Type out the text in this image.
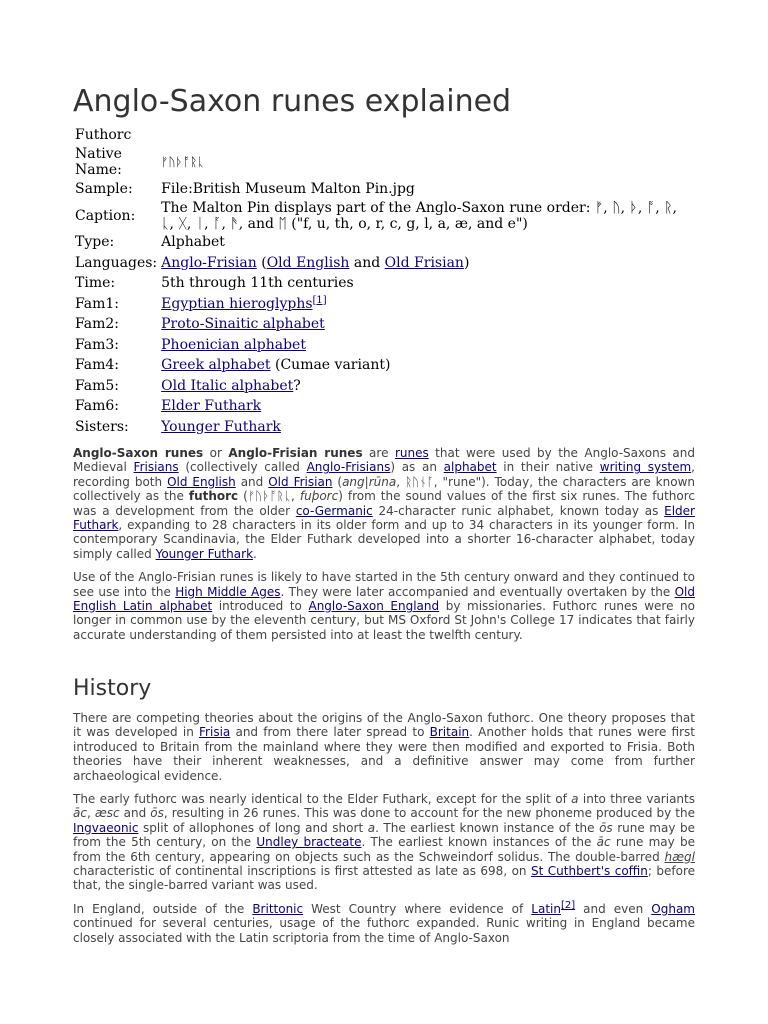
Anglo-Saxon runes explained
Futhorc	
Native Name:	ᚠᚢᚦᚩᚱᚳ
Sample:	File:British Museum Malton Pin.jpg
Caption:	The Malton Pin displays part of the Anglo-Saxon rune order: ᚠ, ᚢ, ᚦ, ᚩ, ᚱ, ᚳ, ᚷ, ᛁ, ᚪ, ᚫ, and ᛖ ("f, u, th, o, r, c, g, l, a, æ, and e")
Type:	Alphabet
Languages:	Anglo-Frisian (Old English and Old Frisian)
Time:	5th through 11th centuries
Fam1:	Egyptian hieroglyphs[1]
Fam2:	Proto-Sinaitic alphabet
Fam3:	Phoenician alphabet
Fam4:	Greek alphabet (Cumae variant)
Fam5:	Old Italic alphabet?
Fam6:	Elder Futhark
Sisters:	Younger Futhark

Anglo-Saxon runes or Anglo-Frisian runes are runes that were used by the Anglo-Saxons and Medieval Frisians (collectively called Anglo-Frisians) as an alphabet in their native writing system, recording both Old English and Old Frisian (ang|rūna, ᚱᚢᚾᚪ, "rune"). Today, the characters are known collectively as the futhorc (ᚠᚢᚦᚩᚱᚳ, fuþorc) from the sound values of the first six runes. The futhorc was a development from the older co-Germanic 24-character runic alphabet, known today as Elder Futhark, expanding to 28 characters in its older form and up to 34 characters in its younger form. In contemporary Scandinavia, the Elder Futhark developed into a shorter 16-character alphabet, today simply called Younger Futhark.

Use of the Anglo-Frisian runes is likely to have started in the 5th century onward and they continued to see use into the High Middle Ages. They were later accompanied and eventually overtaken by the Old English Latin alphabet introduced to Anglo-Saxon England by missionaries. Futhorc runes were no longer in common use by the eleventh century, but MS Oxford St John's College 17 indicates that fairly accurate understanding of them persisted into at least the twelfth century.

History

There are competing theories about the origins of the Anglo-Saxon futhorc. One theory proposes that it was developed in Frisia and from there later spread to Britain. Another holds that runes were first introduced to Britain from the mainland where they were then modified and exported to Frisia. Both theories have their inherent weaknesses, and a definitive answer may come from further archaeological evidence.

The early futhorc was nearly identical to the Elder Futhark, except for the split of a into three variants āc, æsc and ōs, resulting in 26 runes. This was done to account for the new phoneme produced by the Ingvaeonic split of allophones of long and short a. The earliest known instance of the ōs rune may be from the 5th century, on the Undley bracteate. The earliest known instances of the āc rune may be from the 6th century, appearing on objects such as the Schweindorf solidus. The double-barred hægl characteristic of continental inscriptions is first attested as late as 698, on St Cuthbert's coffin; before that, the single-barred variant was used.

In England, outside of the Brittonic West Country where evidence of Latin[2] and even Ogham continued for several centuries, usage of the futhorc expanded. Runic writing in England became closely associated with the Latin scriptoria from the time of Anglo-Saxon
